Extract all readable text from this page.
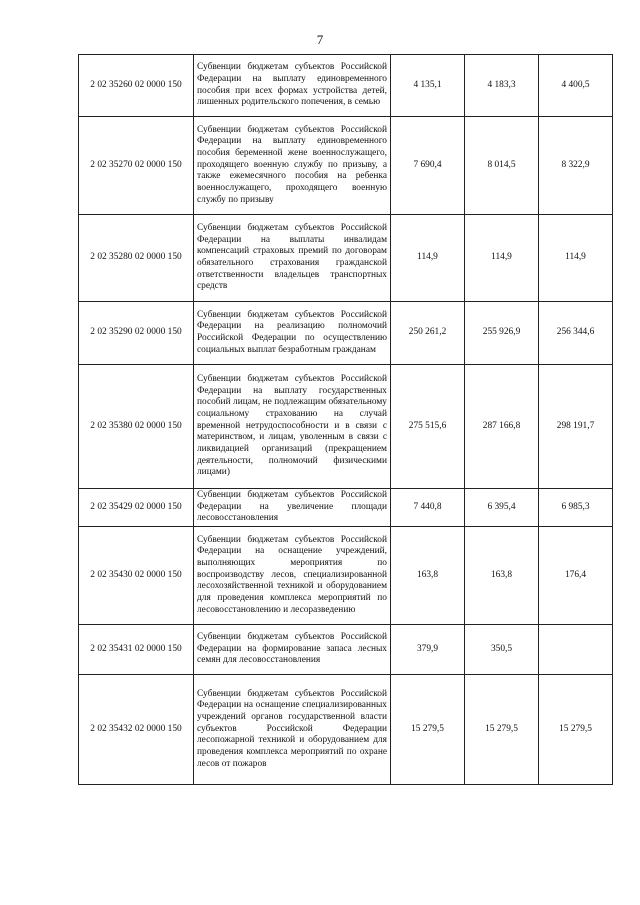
7
2 02 35260 02 0000 150	Субвенции бюджетам субъектов Российской Федерации на выплату единовременного пособия при всех формах устройства детей, лишенных родительского попечения, в семью	4 135,1	4 183,3	4 400,5
2 02 35270 02 0000 150	Субвенции бюджетам субъектов Российской Федерации на выплату единовременного пособия беременной жене военнослужащего, проходящего военную службу по призыву, а также ежемесячного пособия на ребенка военнослужащего, проходящего военную службу по призыву	7 690,4	8 014,5	8 322,9
2 02 35280 02 0000 150	Субвенции бюджетам субъектов Российской Федерации на выплаты инвалидам компенсаций страховых премий по договорам обязательного страхования гражданской ответственности владельцев транспортных средств	114,9	114,9	114,9
2 02 35290 02 0000 150	Субвенции бюджетам субъектов Российской Федерации на реализацию полномочий Российской Федерации по осуществлению социальных выплат безработным гражданам	250 261,2	255 926,9	256 344,6
2 02 35380 02 0000 150	Субвенции бюджетам субъектов Российской Федерации на выплату государственных пособий лицам, не подлежащим обязательному социальному страхованию на случай временной нетрудоспособности и в связи с материнством, и лицам, уволенным в связи с ликвидацией организаций (прекращением деятельности, полномочий физическими лицами)	275 515,6	287 166,8	298 191,7
2 02 35429 02 0000 150	Субвенции бюджетам субъектов Российской Федерации на увеличение площади лесовосстановления	7 440,8	6 395,4	6 985,3
2 02 35430 02 0000 150	Субвенции бюджетам субъектов Российской Федерации на оснащение учреждений, выполняющих мероприятия по воспроизводству лесов, специализированной лесохозяйственной техникой и оборудованием для проведения комплекса мероприятий по лесовосстановлению и лесоразведению	163,8	163,8	176,4
2 02 35431 02 0000 150	Субвенции бюджетам субъектов Российской Федерации на формирование запаса лесных семян для лесовосстановления	379,9	350,5	
2 02 35432 02 0000 150	Субвенции бюджетам субъектов Российской Федерации на оснащение специализированных учреждений органов государственной власти субъектов Российской Федерации лесопожарной техникой и оборудованием для проведения комплекса мероприятий по охране лесов от пожаров	15 279,5	15 279,5	15 279,5
